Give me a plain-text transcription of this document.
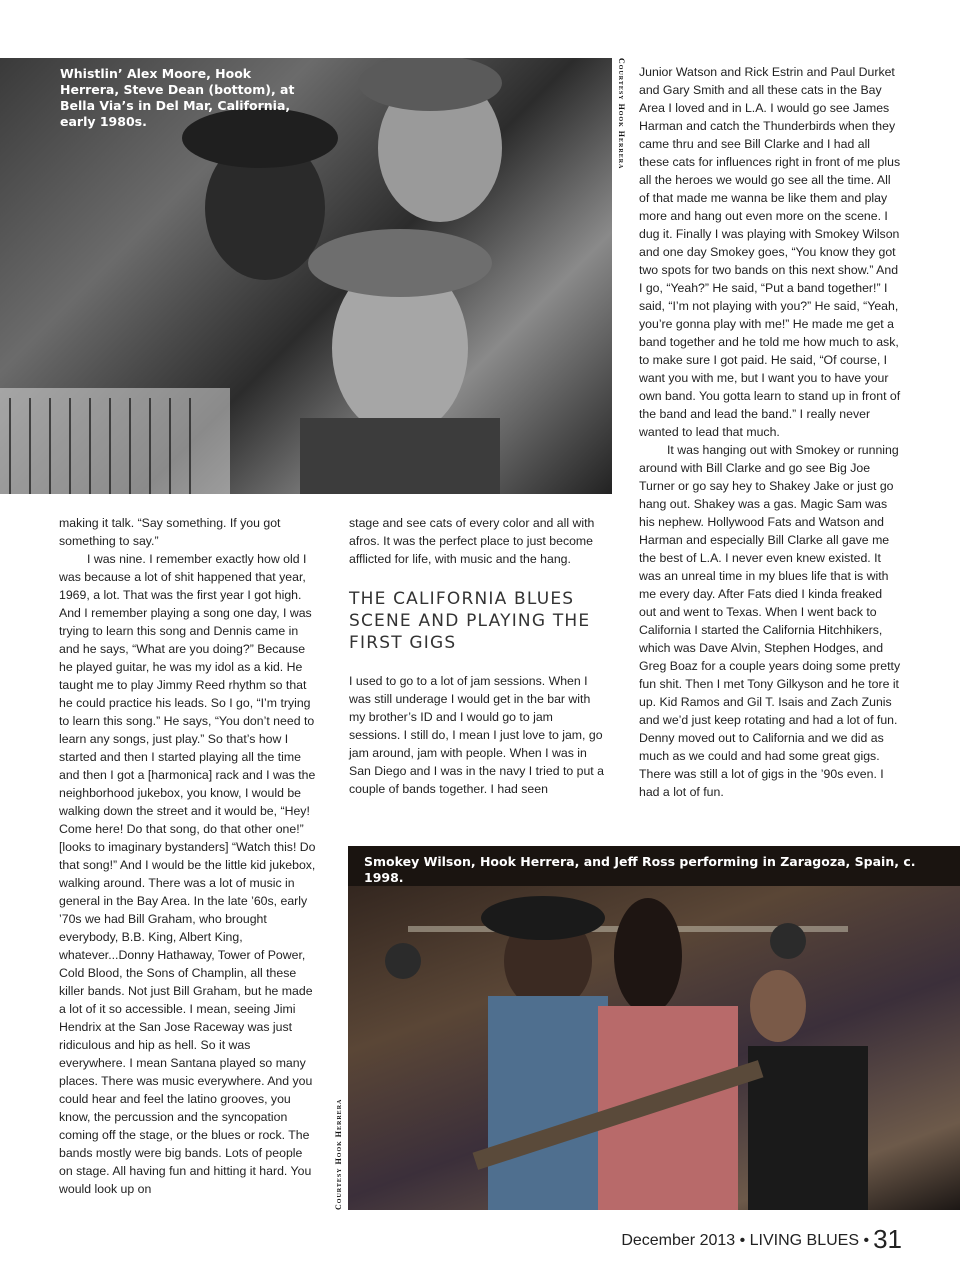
Whistlin’ Alex Moore, Hook Herrera, Steve Dean (bottom), at Bella Via’s in Del Mar, California, early 1980s.	Courtesy Hook Herrera

making it talk. “Say something. If you got something to say.”

I was nine. I remember exactly how old I was because a lot of shit happened that year, 1969, a lot. That was the first year I got high. And I remember playing a song one day, I was trying to learn this song and Dennis came in and he says, “What are you doing?” Because he played guitar, he was my idol as a kid. He taught me to play Jimmy Reed rhythm so that he could practice his leads. So I go, “I’m trying to learn this song.” He says, “You don’t need to learn any songs, just play.” So that’s how I started and then I started playing all the time and then I got a [harmonica] rack and I was the neighborhood jukebox, you know, I would be walking down the street and it would be, “Hey! Come here! Do that song, do that other one!” [looks to imaginary bystanders] “Watch this! Do that song!” And I would be the little kid jukebox, walking around. There was a lot of music in general in the Bay Area. In the late ’60s, early ’70s we had Bill Graham, who brought everybody, B.B. King, Albert King, whatever...Donny Hathaway, Tower of Power, Cold Blood, the Sons of Champlin, all these killer bands. Not just Bill Graham, but he made a lot of it so accessible. I mean, seeing Jimi Hendrix at the San Jose Raceway was just ridiculous and hip as hell. So it was everywhere. I mean Santana played so many places. There was music everywhere. And you could hear and feel the latino grooves, you know, the percussion and the syncopation coming off the stage, or the blues or rock. The bands mostly were big bands. Lots of people on stage. All having fun and hitting it hard. You would look up on

stage and see cats of every color and all with afros. It was the perfect place to just become afflicted for life, with music and the hang.

THE CALIFORNIA BLUES SCENE AND PLAYING THE FIRST GIGS

I used to go to a lot of jam sessions. When I was still underage I would get in the bar with my brother’s ID and I would go to jam sessions. I still do, I mean I just love to jam, go jam around, jam with people. When I was in San Diego and I was in the navy I tried to put a couple of bands together. I had seen

Junior Watson and Rick Estrin and Paul Durket and Gary Smith and all these cats in the Bay Area I loved and in L.A. I would go see James Harman and catch the Thunderbirds when they came thru and see Bill Clarke and I had all these cats for influences right in front of me plus all the heroes we would go see all the time. All of that made me wanna be like them and play more and hang out even more on the scene. I dug it. Finally I was playing with Smokey Wilson and one day Smokey goes, “You know they got two spots for two bands on this next show.” And I go, “Yeah?” He said, “Put a band together!” I said, “I’m not playing with you?” He said, “Yeah, you’re gonna play with me!” He made me get a band together and he told me how much to ask, to make sure I got paid. He said, “Of course, I want you with me, but I want you to have your own band. You gotta learn to stand up in front of the band and lead the band.” I really never wanted to lead that much.

It was hanging out with Smokey or running around with Bill Clarke and go see Big Joe Turner or go say hey to Shakey Jake or just go hang out. Shakey was a gas. Magic Sam was his nephew. Hollywood Fats and Watson and Harman and especially Bill Clarke all gave me the best of L.A. I never even knew existed. It was an unreal time in my blues life that is with me every day. After Fats died I kinda freaked out and went to Texas. When I went back to California I started the California Hitchhikers, which was Dave Alvin, Stephen Hodges, and Greg Boaz for a couple years doing some pretty fun shit. Then I met Tony Gilkyson and he tore it up. Kid Ramos and Gil T. Isais and Zach Zunis and we’d just keep rotating and had a lot of fun. Denny moved out to California and we did as much as we could and had some great gigs. There was still a lot of gigs in the ’90s even. I had a lot of fun.

Smokey Wilson, Hook Herrera, and Jeff Ross performing in Zaragoza, Spain, c. 1998.
Courtesy Hook Herrera
December 2013 • LIVING BLUES • 31
